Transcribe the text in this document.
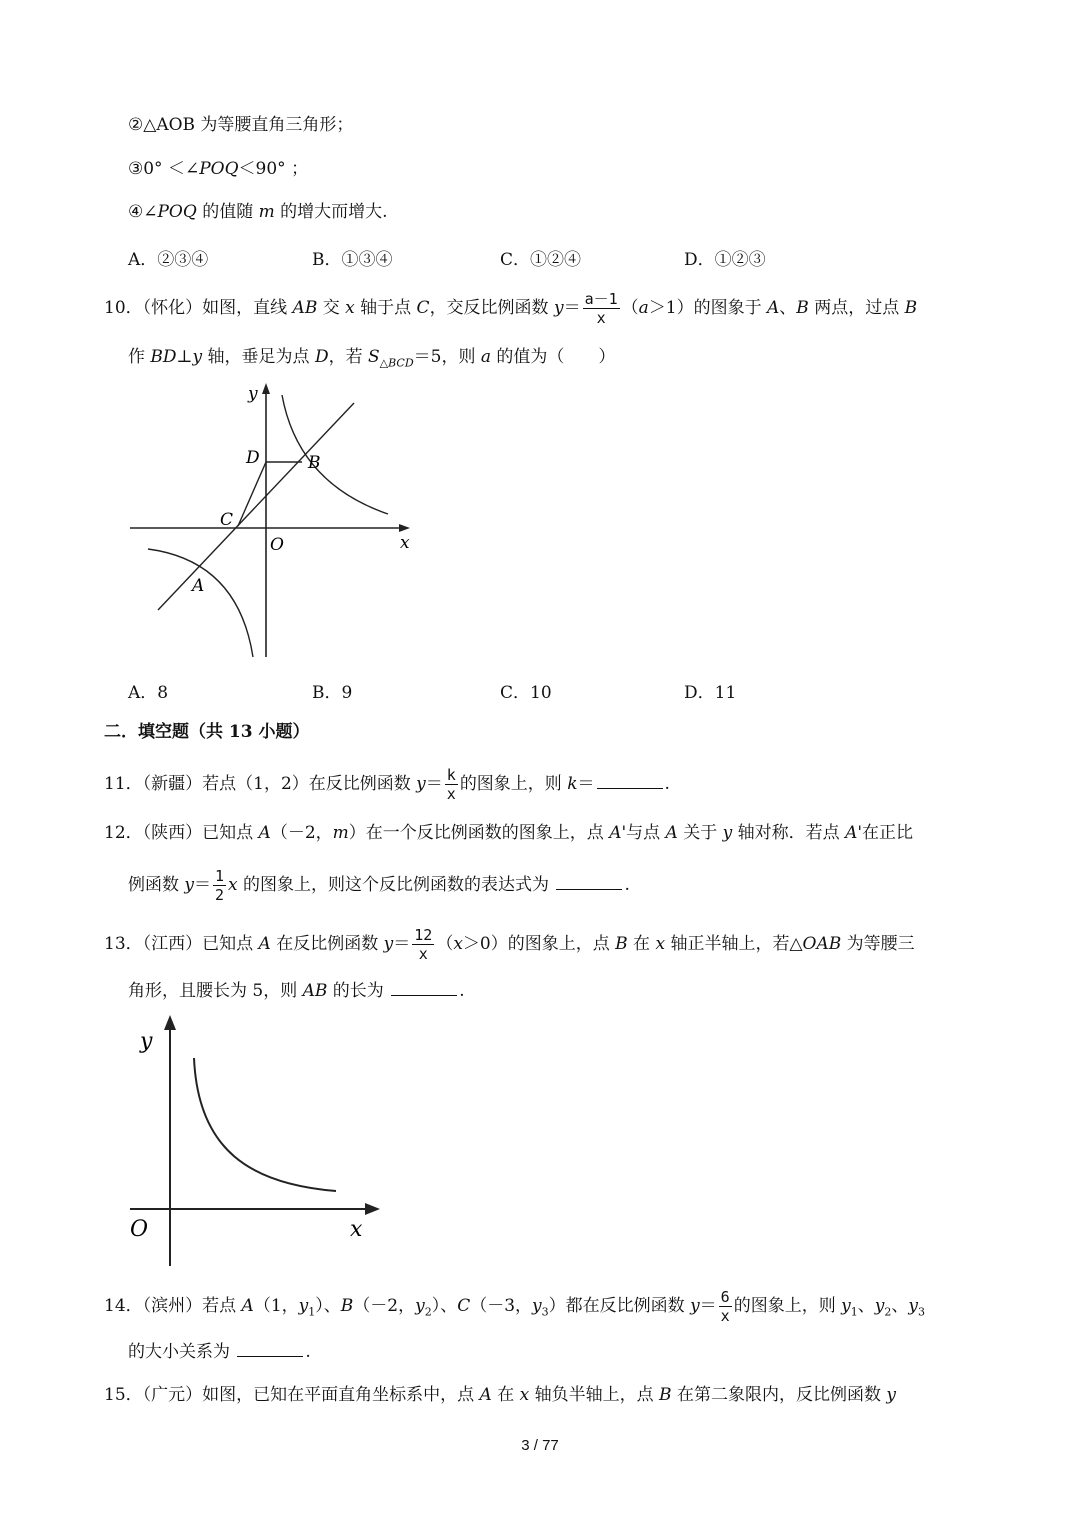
②△AOB 为等腰直角三角形；
③0° ＜∠POQ＜90° ；
④∠POQ 的值随 m 的增大而增大.
A．②③④	B．①③④	C．①②④	D．①②③
10．（怀化）如图，直线 AB 交 x 轴于点 C，交反比例函数 $y= \frac{a-1}{x} (a>1)$的图象于 A、B 两点，过点 B
作 BD⊥y 轴，垂足为点 D，若 $S_{\triangle BCD}=5$，则 a 的值为（　　）
y
D	B
C
O	x
A
A．8	B．9	C．10	D．11
二．填空题（共 13 小题）
11．（新疆）若点（1，2）在反比例函数 $y= \frac{k}{x}$ 的图象上，则 k＝	.
12．（陕西）已知点 A（－2，m）在一个反比例函数的图象上，点 A'与点 A 关于 y 轴对称．若点 A'在正比
例函数 $y= \frac{1}{2}$ x 的图象上，则这个反比例函数的表达式为	.
13．（江西）已知点 A 在反比例函数 $y= \frac{12}{x} (x>0)$的图象上，点 B 在 x 轴正半轴上，若△OAB 为等腰三
角形，且腰长为 5，则 AB 的长为	.
y
O	x
14．（滨州）若点 A（1，$y_1$）、B（－2，$y_2$）、C（－3，$y_3$）都在反比例函数 $y= \frac{6}{x}$ 的图象上，则 $y_1$、$y_2$、$y_3$
的大小关系为	.
15．（广元）如图，已知在平面直角坐标系中，点 A 在 x 轴负半轴上，点 B 在第二象限内，反比例函数 y
3 / 77
